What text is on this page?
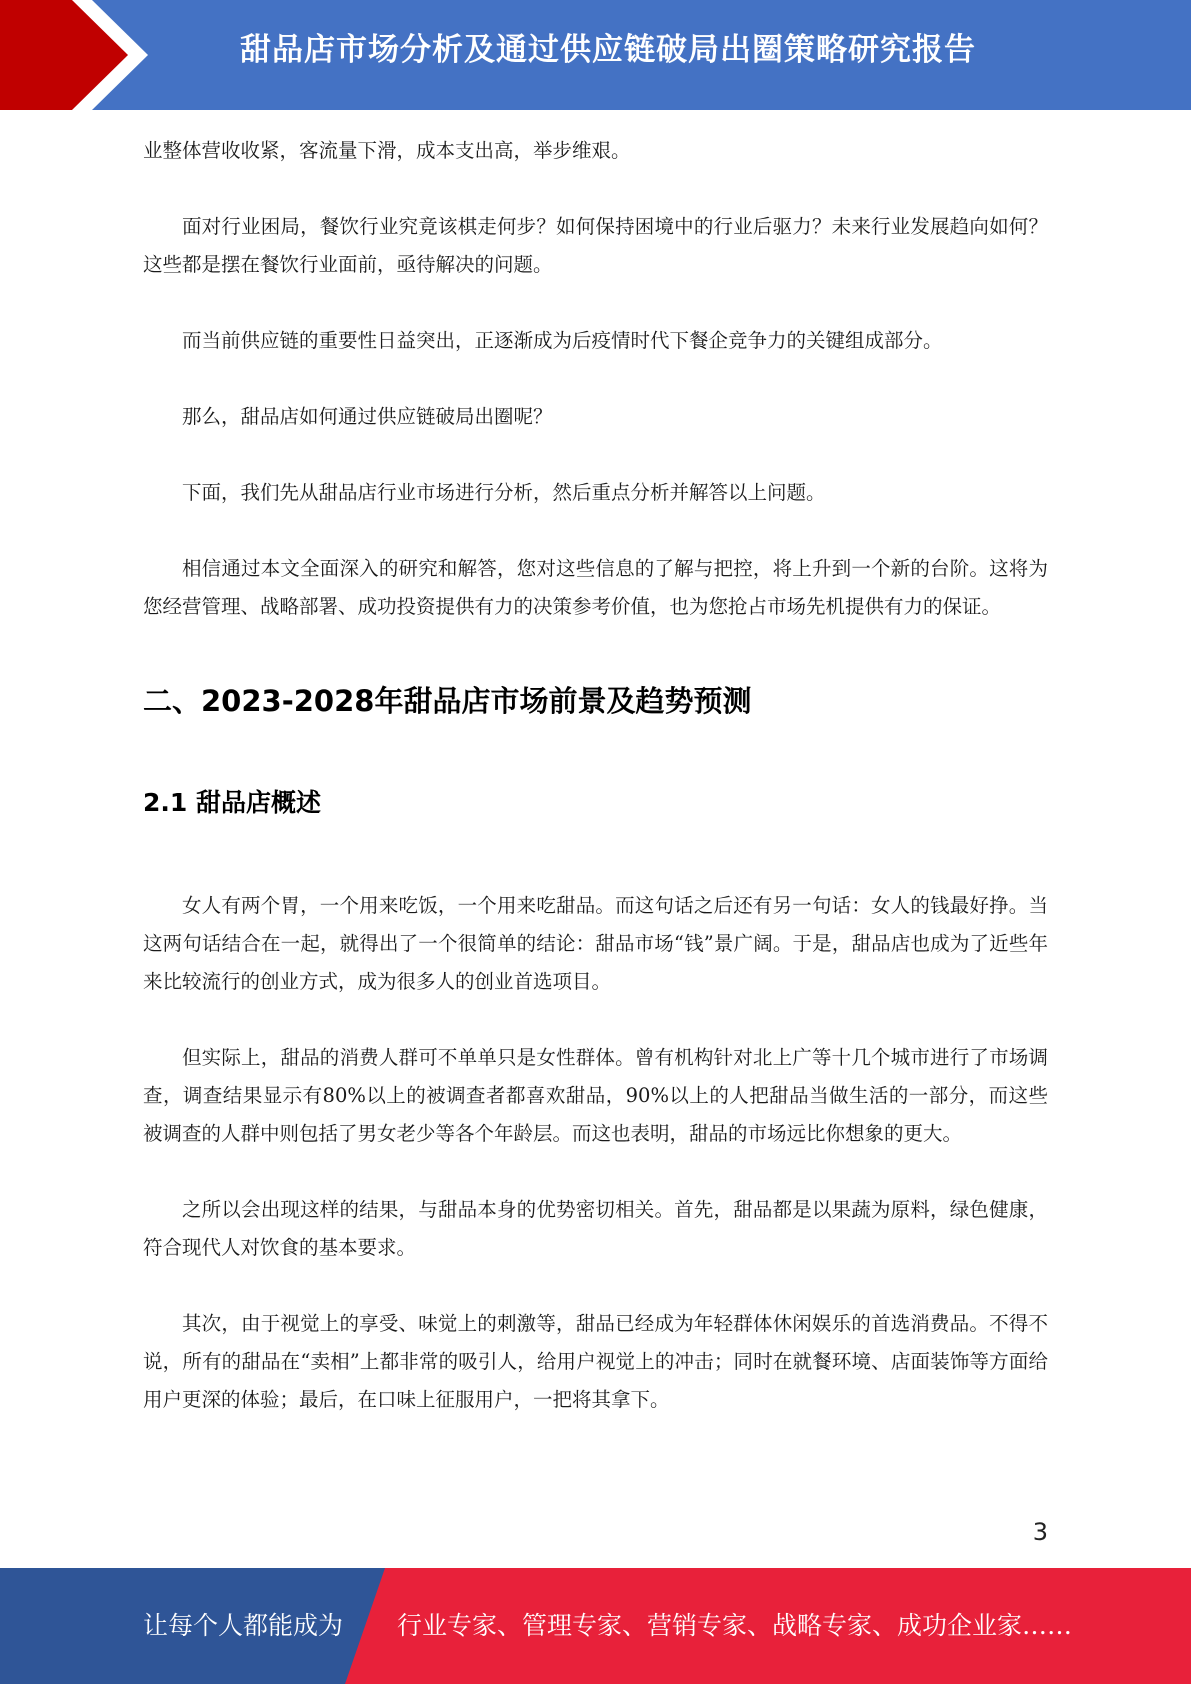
甜品店市场分析及通过供应链破局出圈策略研究报告

业整体营收收紧，客流量下滑，成本支出高，举步维艰。

面对行业困局，餐饮行业究竟该棋走何步？如何保持困境中的行业后驱力？未来行业发展趋向如何？这些都是摆在餐饮行业面前，亟待解决的问题。

而当前供应链的重要性日益突出，正逐渐成为后疫情时代下餐企竞争力的关键组成部分。

那么，甜品店如何通过供应链破局出圈呢？

下面，我们先从甜品店行业市场进行分析，然后重点分析并解答以上问题。

相信通过本文全面深入的研究和解答，您对这些信息的了解与把控，将上升到一个新的台阶。这将为您经营管理、战略部署、成功投资提供有力的决策参考价值，也为您抢占市场先机提供有力的保证。

二、2023-2028年甜品店市场前景及趋势预测
2.1 甜品店概述

女人有两个胃，一个用来吃饭，一个用来吃甜品。而这句话之后还有另一句话：女人的钱最好挣。当这两句话结合在一起，就得出了一个很简单的结论：甜品市场“钱”景广阔。于是，甜品店也成为了近些年来比较流行的创业方式，成为很多人的创业首选项目。

但实际上，甜品的消费人群可不单单只是女性群体。曾有机构针对北上广等十几个城市进行了市场调查，调查结果显示有80%以上的被调查者都喜欢甜品，90%以上的人把甜品当做生活的一部分，而这些被调查的人群中则包括了男女老少等各个年龄层。而这也表明，甜品的市场远比你想象的更大。

之所以会出现这样的结果，与甜品本身的优势密切相关。首先，甜品都是以果蔬为原料，绿色健康，符合现代人对饮食的基本要求。

其次，由于视觉上的享受、味觉上的刺激等，甜品已经成为年轻群体休闲娱乐的首选消费品。不得不说，所有的甜品在“卖相”上都非常的吸引人，给用户视觉上的冲击；同时在就餐环境、店面装饰等方面给用户更深的体验；最后，在口味上征服用户，一把将其拿下。

3
让每个人都能成为 行业专家、管理专家、营销专家、战略专家、成功企业家……
